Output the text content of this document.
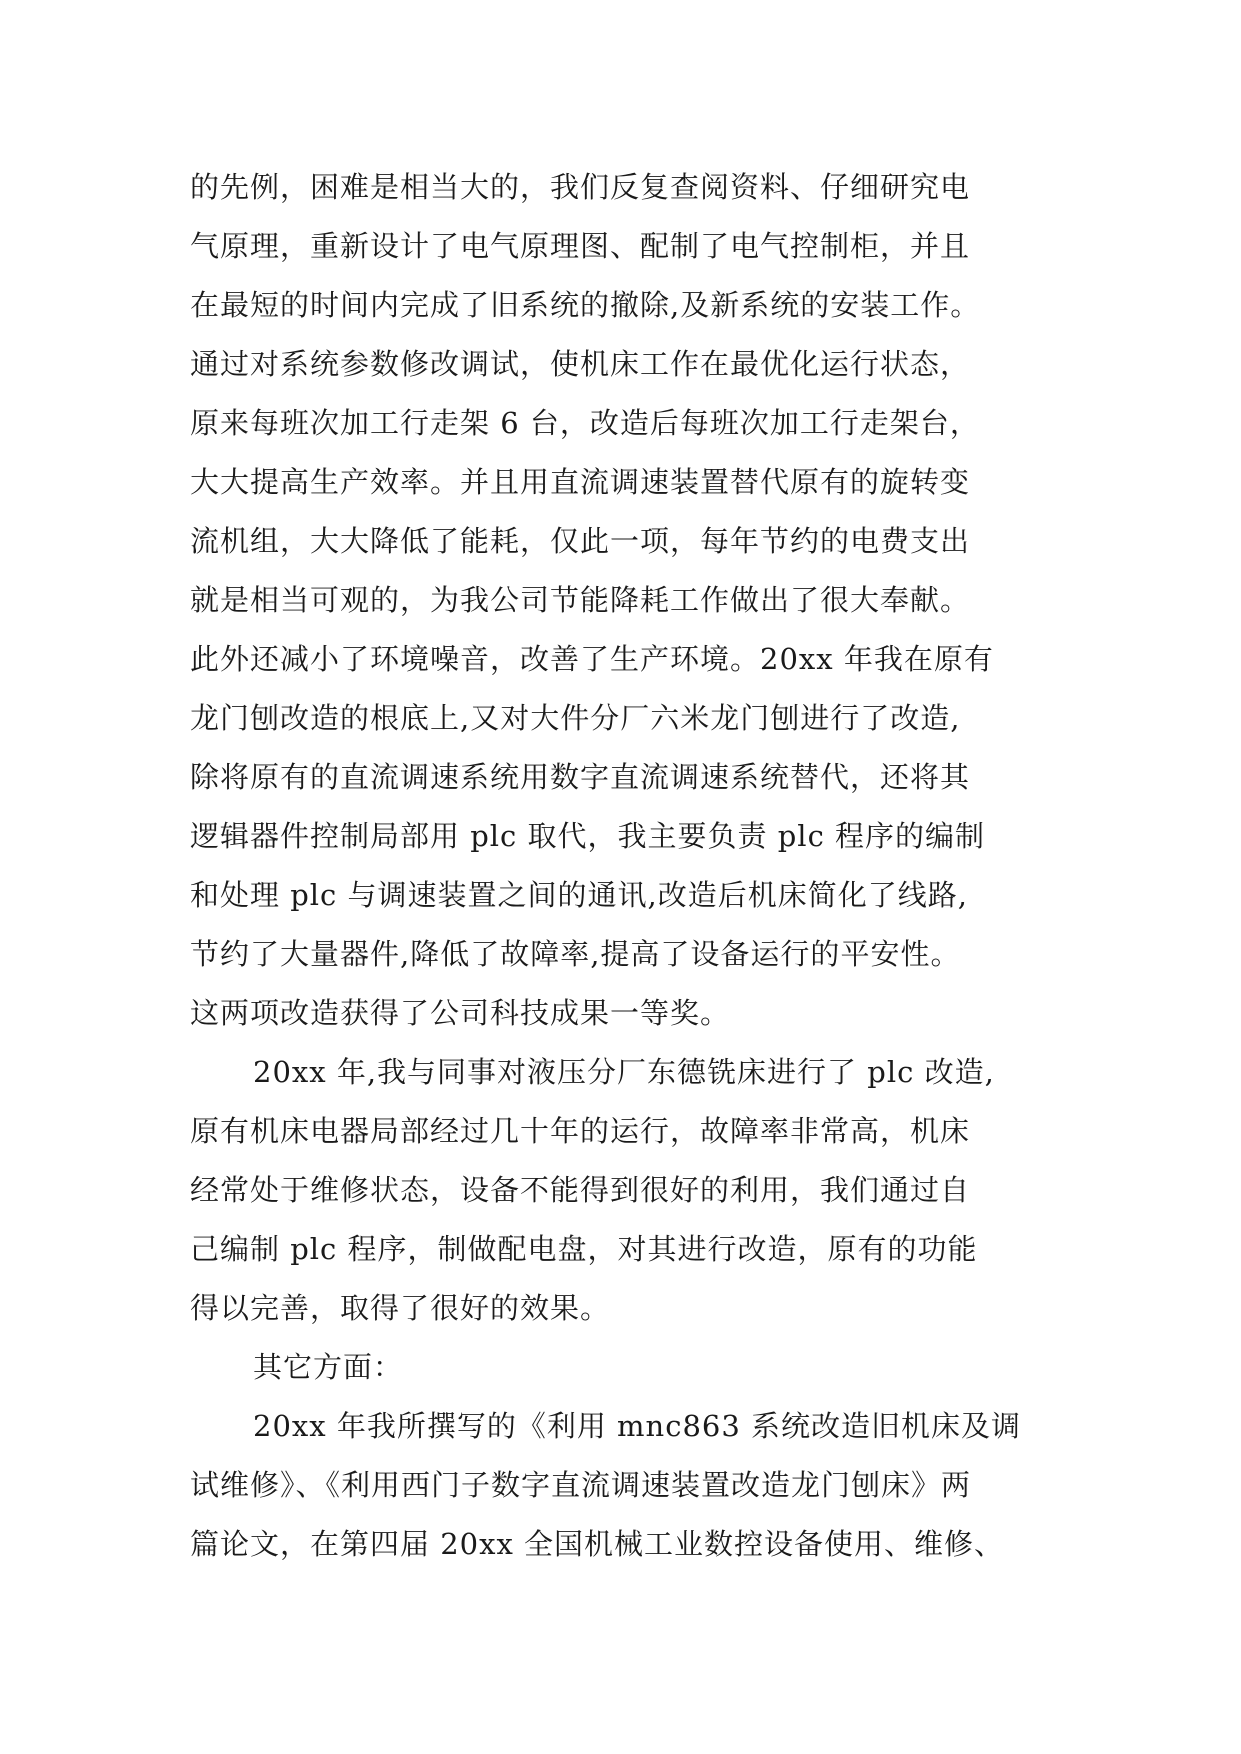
的先例，困难是相当大的，我们反复查阅资料、仔细研究电
气原理，重新设计了电气原理图、配制了电气控制柜，并且
在最短的时间内完成了旧系统的撤除,及新系统的安装工作。
通过对系统参数修改调试，使机床工作在最优化运行状态，
原来每班次加工行走架 6 台，改造后每班次加工行走架台，
大大提高生产效率。并且用直流调速装置替代原有的旋转变
流机组，大大降低了能耗，仅此一项，每年节约的电费支出
就是相当可观的，为我公司节能降耗工作做出了很大奉献。
此外还减小了环境噪音，改善了生产环境。20xx 年我在原有
龙门刨改造的根底上,又对大件分厂六米龙门刨进行了改造,
除将原有的直流调速系统用数字直流调速系统替代，还将其
逻辑器件控制局部用 plc 取代，我主要负责 plc 程序的编制
和处理 plc 与调速装置之间的通讯,改造后机床简化了线路,
节约了大量器件,降低了故障率,提高了设备运行的平安性。
这两项改造获得了公司科技成果一等奖。
20xx 年,我与同事对液压分厂东德铣床进行了 plc 改造,
原有机床电器局部经过几十年的运行，故障率非常高，机床
经常处于维修状态，设备不能得到很好的利用，我们通过自
己编制 plc 程序，制做配电盘，对其进行改造，原有的功能
得以完善，取得了很好的效果。
其它方面：
20xx 年我所撰写的《利用 mnc863 系统改造旧机床及调
试维修》、《利用西门子数字直流调速装置改造龙门刨床》两
篇论文，在第四届 20xx 全国机械工业数控设备使用、维修、
